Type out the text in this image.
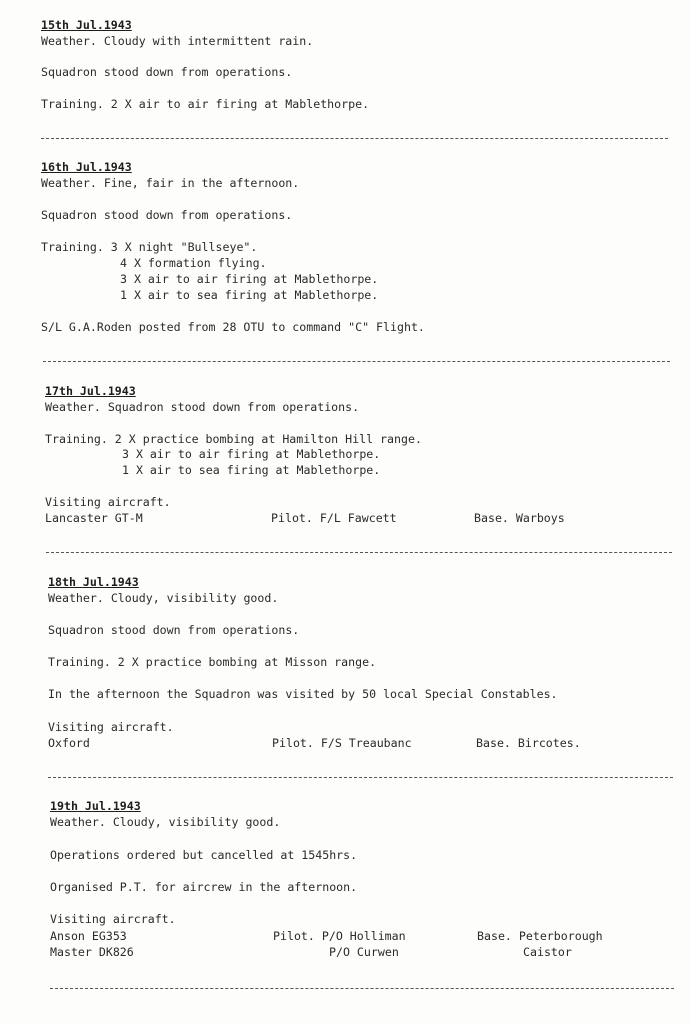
15th Jul.1943
Weather. Cloudy with intermittent rain.
Squadron stood down from operations.
Training. 2 X air to air firing at Mablethorpe.
16th Jul.1943
Weather. Fine, fair in the afternoon.
Squadron stood down from operations.
Training. 3 X night "Bullseye".
4 X formation flying.
3 X air to air firing at Mablethorpe.
1 X air to sea firing at Mablethorpe.
S/L G.A.Roden posted from 28 OTU to command "C" Flight.
17th Jul.1943
Weather. Squadron stood down from operations.
Training. 2 X practice bombing at Hamilton Hill range.
3 X air to air firing at Mablethorpe.
1 X air to sea firing at Mablethorpe.
Visiting aircraft.
Lancaster GT-M	Pilot. F/L Fawcett	Base. Warboys
18th Jul.1943
Weather. Cloudy, visibility good.
Squadron stood down from operations.
Training. 2 X practice bombing at Misson range.
In the afternoon the Squadron was visited by 50 local Special Constables.
Visiting aircraft.
Oxford	Pilot. F/S Treaubanc	Base. Bircotes.
19th Jul.1943
Weather. Cloudy, visibility good.
Operations ordered but cancelled at 1545hrs.
Organised P.T. for aircrew in the afternoon.
Visiting aircraft.
Anson EG353	Pilot. P/O Holliman	Base. Peterborough
Master DK826	P/O Curwen	Caistor
